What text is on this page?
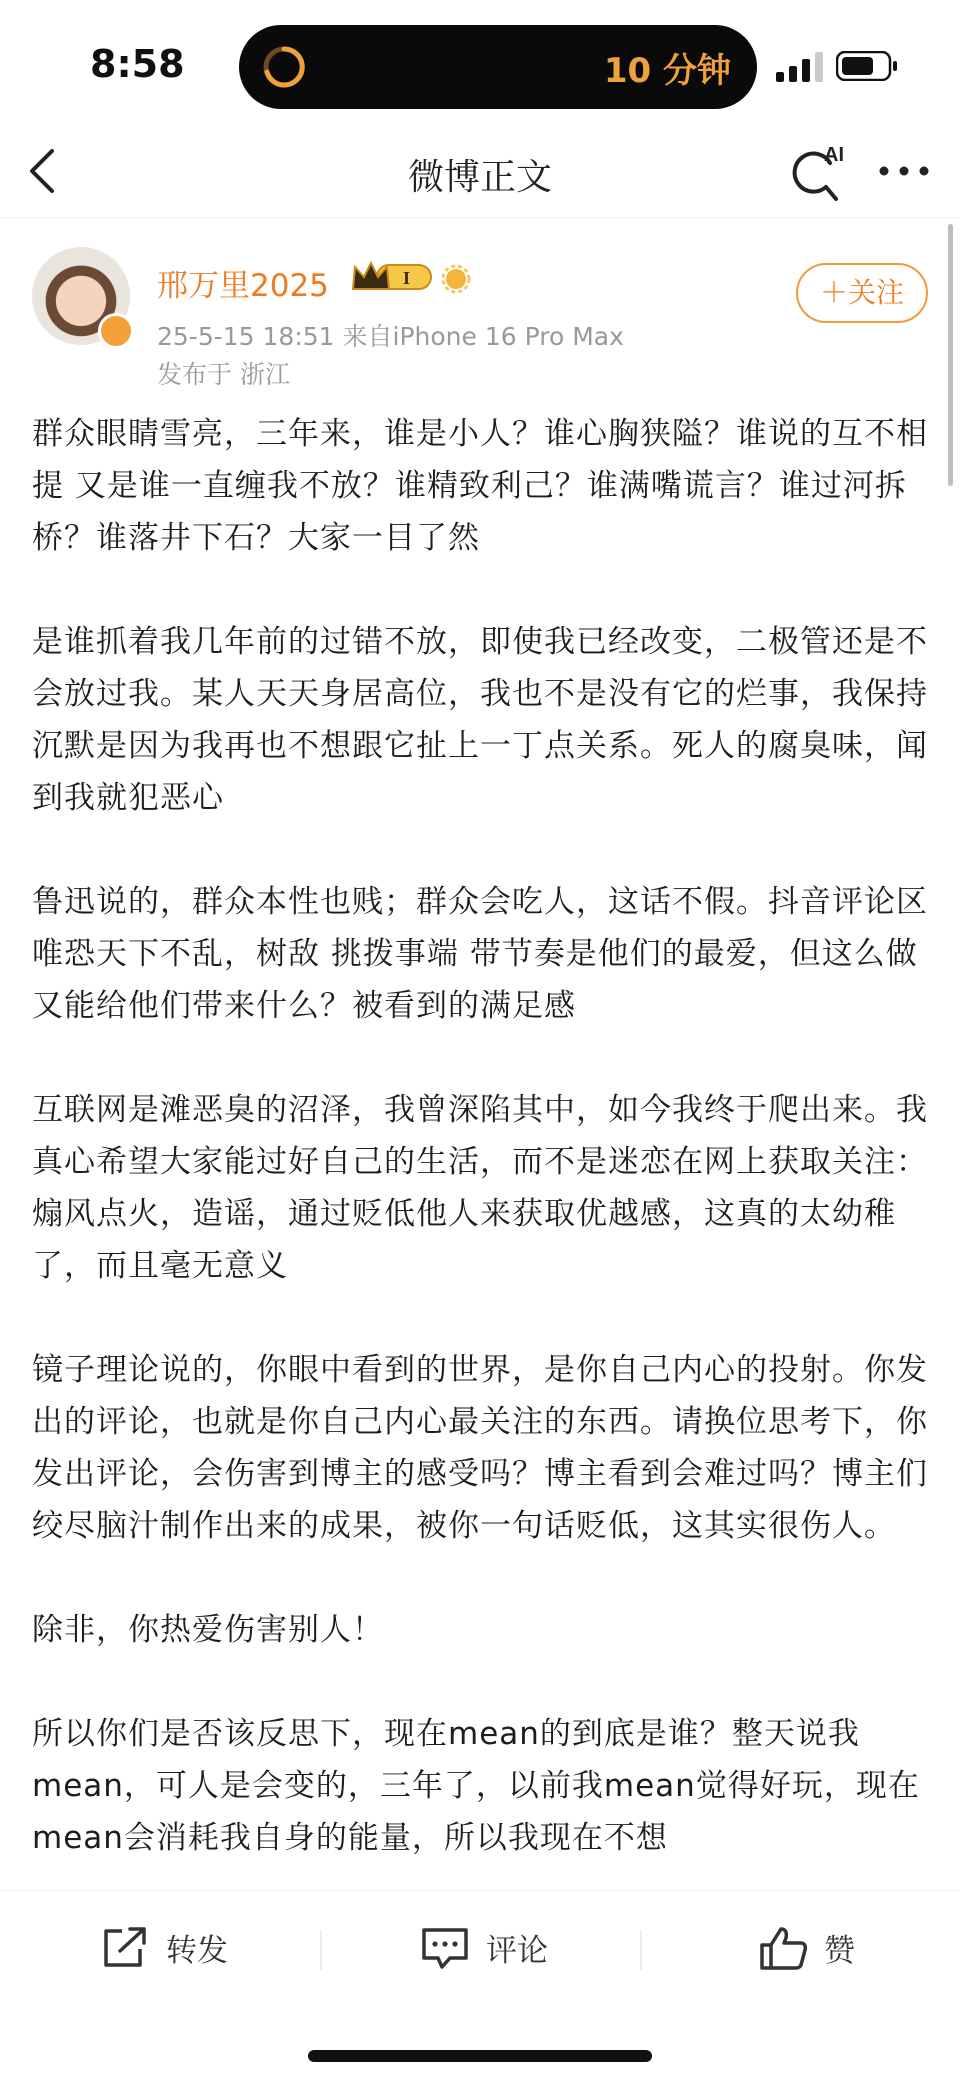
8:58	10 分钟
微博正文
AI
邢万里2025	I
25-5-15 18:51 来自iPhone 16 Pro Max
发布于 浙江
＋关注

群众眼睛雪亮，三年来，谁是小人？谁心胸狭隘？谁说的互不相提 又是谁一直缠我不放？谁精致利己？谁满嘴谎言？谁过河拆桥？谁落井下石？大家一目了然

是谁抓着我几年前的过错不放，即使我已经改变，二极管还是不会放过我。某人天天身居高位，我也不是没有它的烂事，我保持沉默是因为我再也不想跟它扯上一丁点关系。死人的腐臭味，闻到我就犯恶心

鲁迅说的，群众本性也贱；群众会吃人，这话不假。抖音评论区唯恐天下不乱，树敌 挑拨事端 带节奏是他们的最爱，但这么做又能给他们带来什么？被看到的满足感

互联网是滩恶臭的沼泽，我曾深陷其中，如今我终于爬出来。我真心希望大家能过好自己的生活，而不是迷恋在网上获取关注：煽风点火，造谣，通过贬低他人来获取优越感，这真的太幼稚了，而且毫无意义

镜子理论说的，你眼中看到的世界，是你自己内心的投射。你发出的评论，也就是你自己内心最关注的东西。请换位思考下，你发出评论，会伤害到博主的感受吗？博主看到会难过吗？博主们绞尽脑汁制作出来的成果，被你一句话贬低，这其实很伤人。

除非，你热爱伤害别人！

所以你们是否该反思下，现在mean的到底是谁？整天说我mean，可人是会变的，三年了，以前我mean觉得好玩，现在mean会消耗我自身的能量，所以我现在不想

转发	评论	赞
